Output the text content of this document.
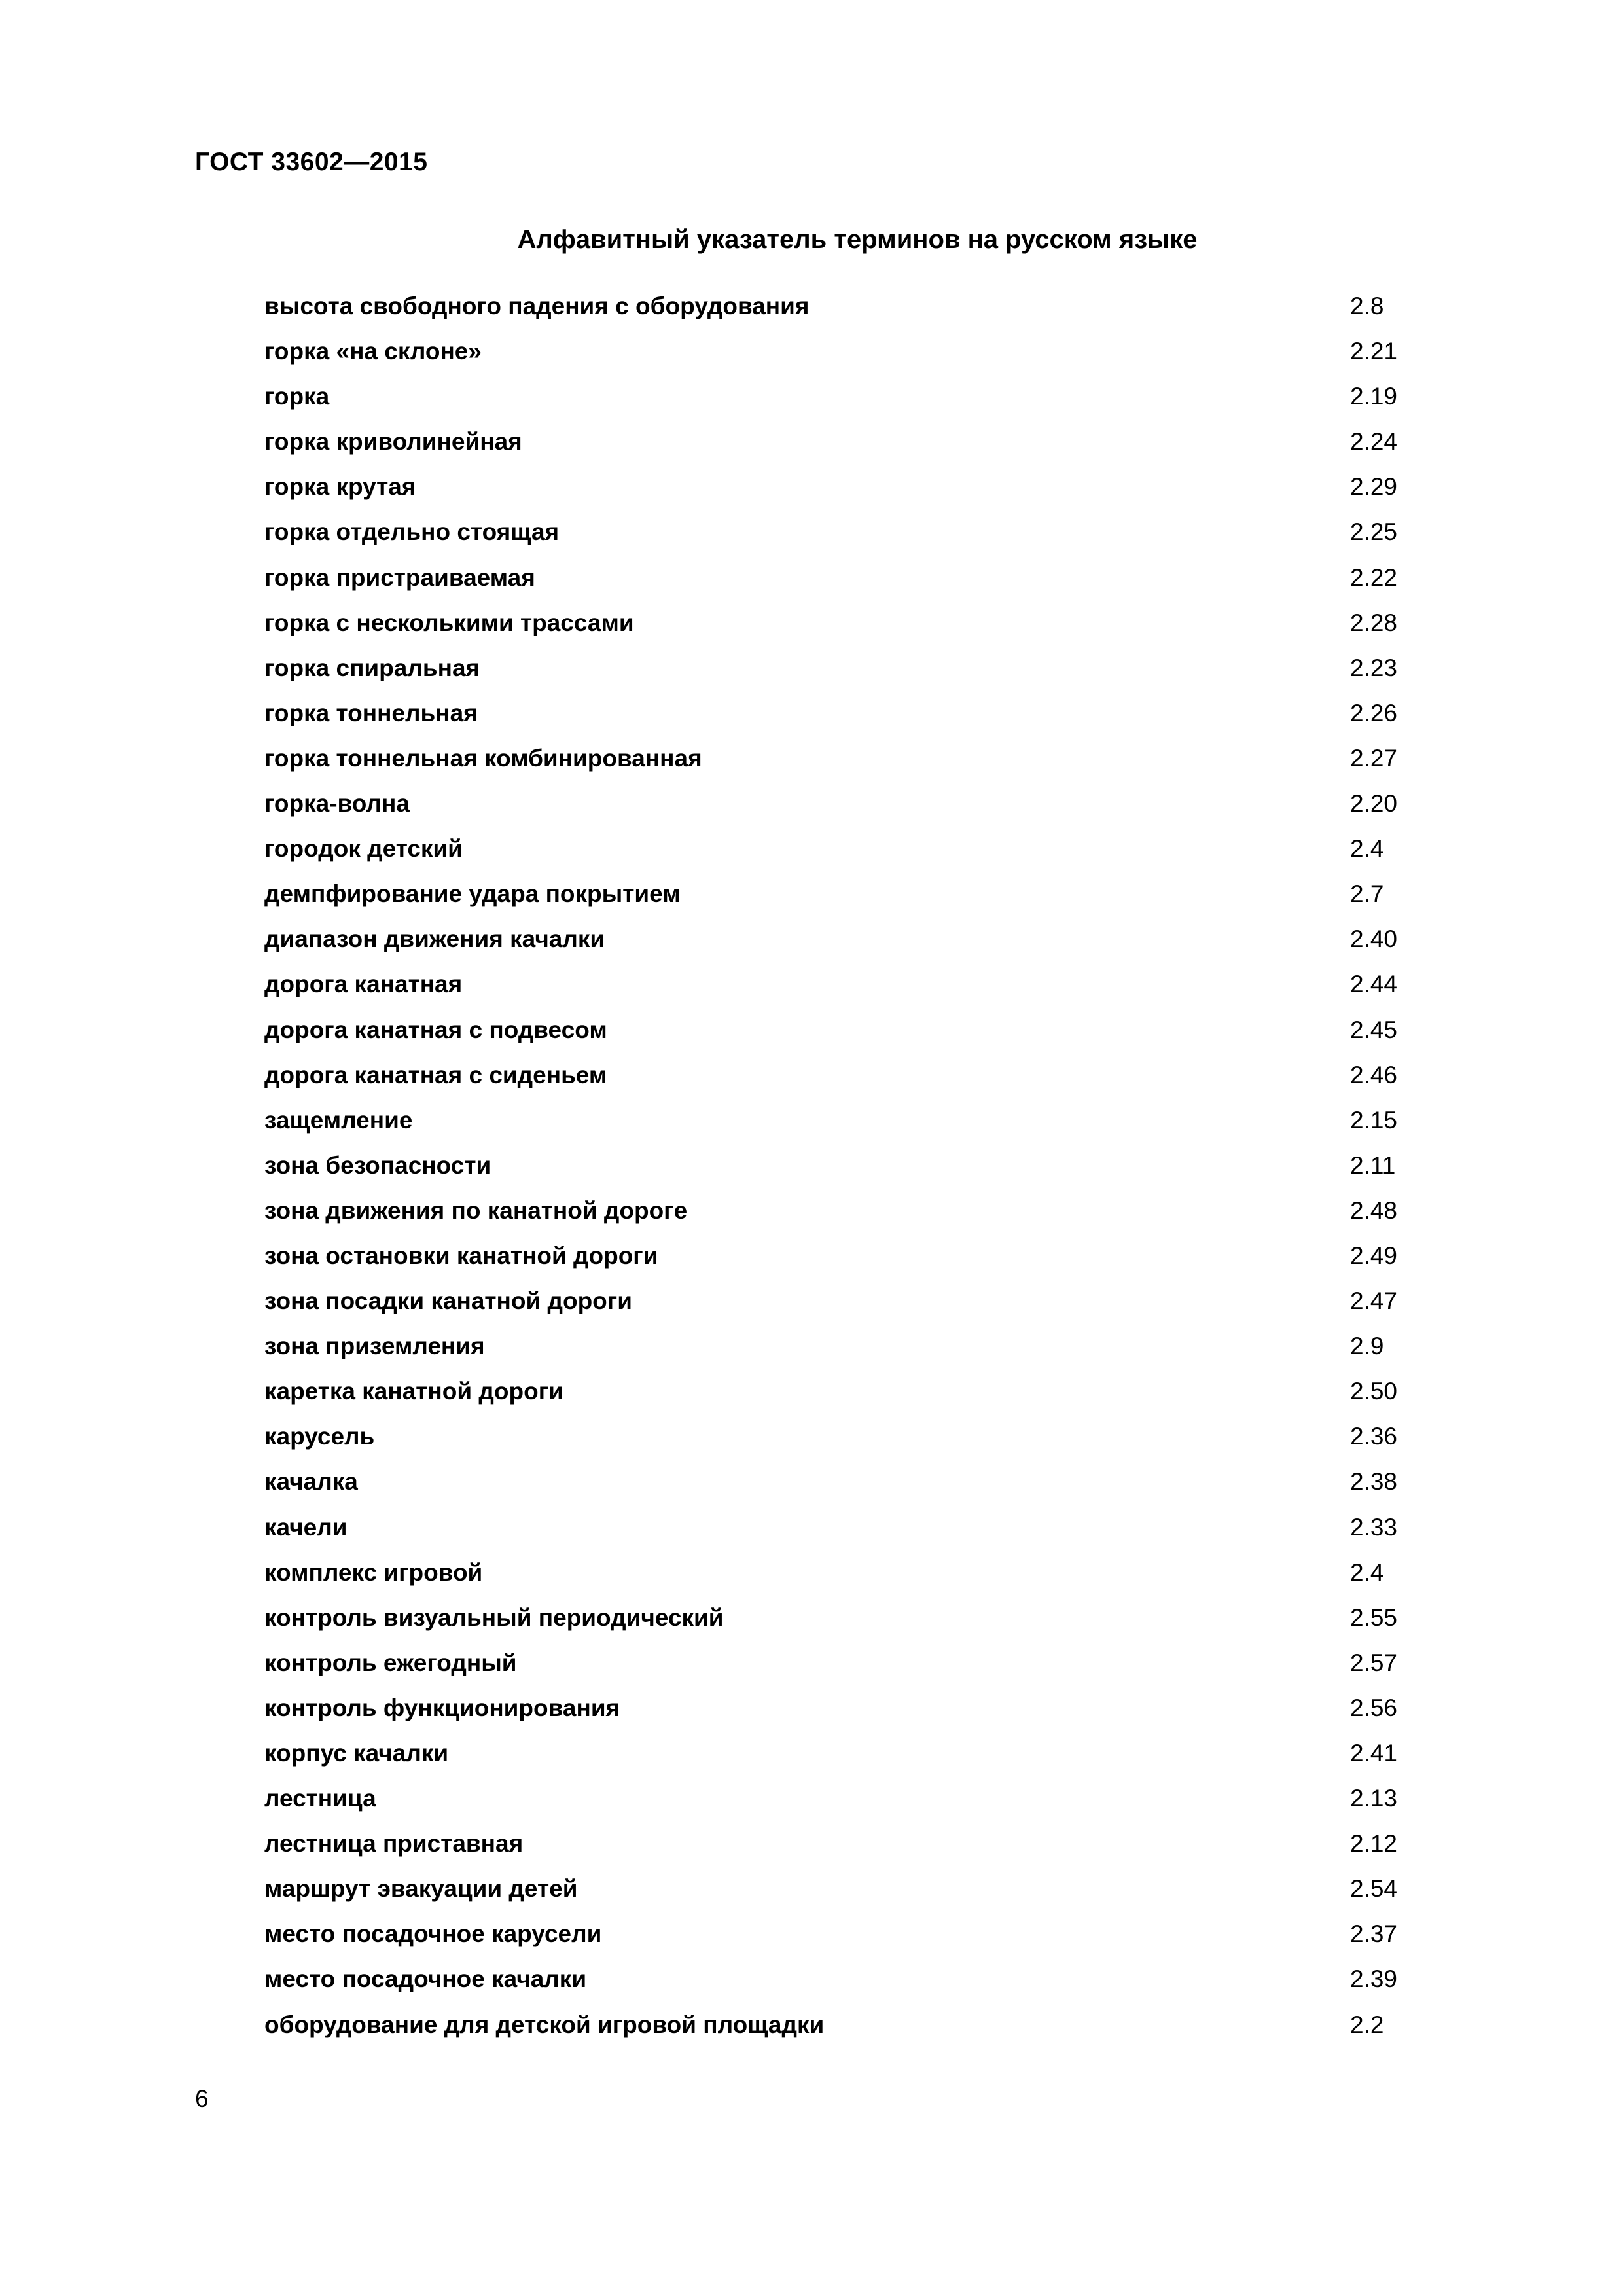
ГОСТ 33602—2015
Алфавитный указатель терминов на русском языке
высота свободного падения с оборудования	2.8
горка «на склоне»	2.21
горка	2.19
горка криволинейная	2.24
горка крутая	2.29
горка отдельно стоящая	2.25
горка пристраиваемая	2.22
горка с несколькими трассами	2.28
горка спиральная	2.23
горка тоннельная	2.26
горка тоннельная комбинированная	2.27
горка-волна	2.20
городок детский	2.4
демпфирование удара покрытием	2.7
диапазон движения качалки	2.40
дорога канатная	2.44
дорога канатная с подвесом	2.45
дорога канатная с сиденьем	2.46
защемление	2.15
зона безопасности	2.11
зона движения по канатной дороге	2.48
зона остановки канатной дороги	2.49
зона посадки канатной дороги	2.47
зона приземления	2.9
каретка канатной дороги	2.50
карусель	2.36
качалка	2.38
качели	2.33
комплекс игровой	2.4
контроль визуальный периодический	2.55
контроль ежегодный	2.57
контроль функционирования	2.56
корпус качалки	2.41
лестница	2.13
лестница приставная	2.12
маршрут эвакуации детей	2.54
место посадочное карусели	2.37
место посадочное качалки	2.39
оборудование для детской игровой площадки	2.2
6
